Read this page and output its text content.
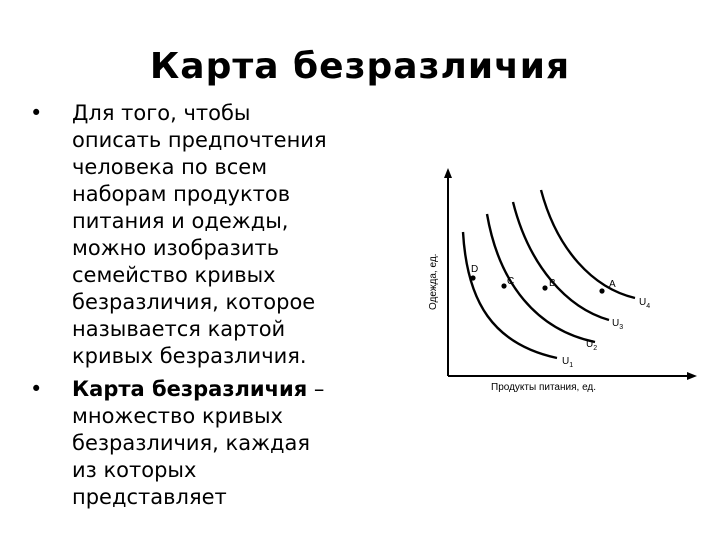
Карта безразличия
• Для того, чтобы
описать предпочтения
человека по всем
наборам продуктов
питания и одежды,
можно изобразить
семейство кривых
безразличия, которое
называется картой
кривых безразличия.
• Карта безразличия –
множество кривых
безразличия, каждая
из которых
представляет
Одежда, ед.
Продукты питания, ед.
D
C	B	A
$U_4$
$U_3$
$U_2$
$U_1$
